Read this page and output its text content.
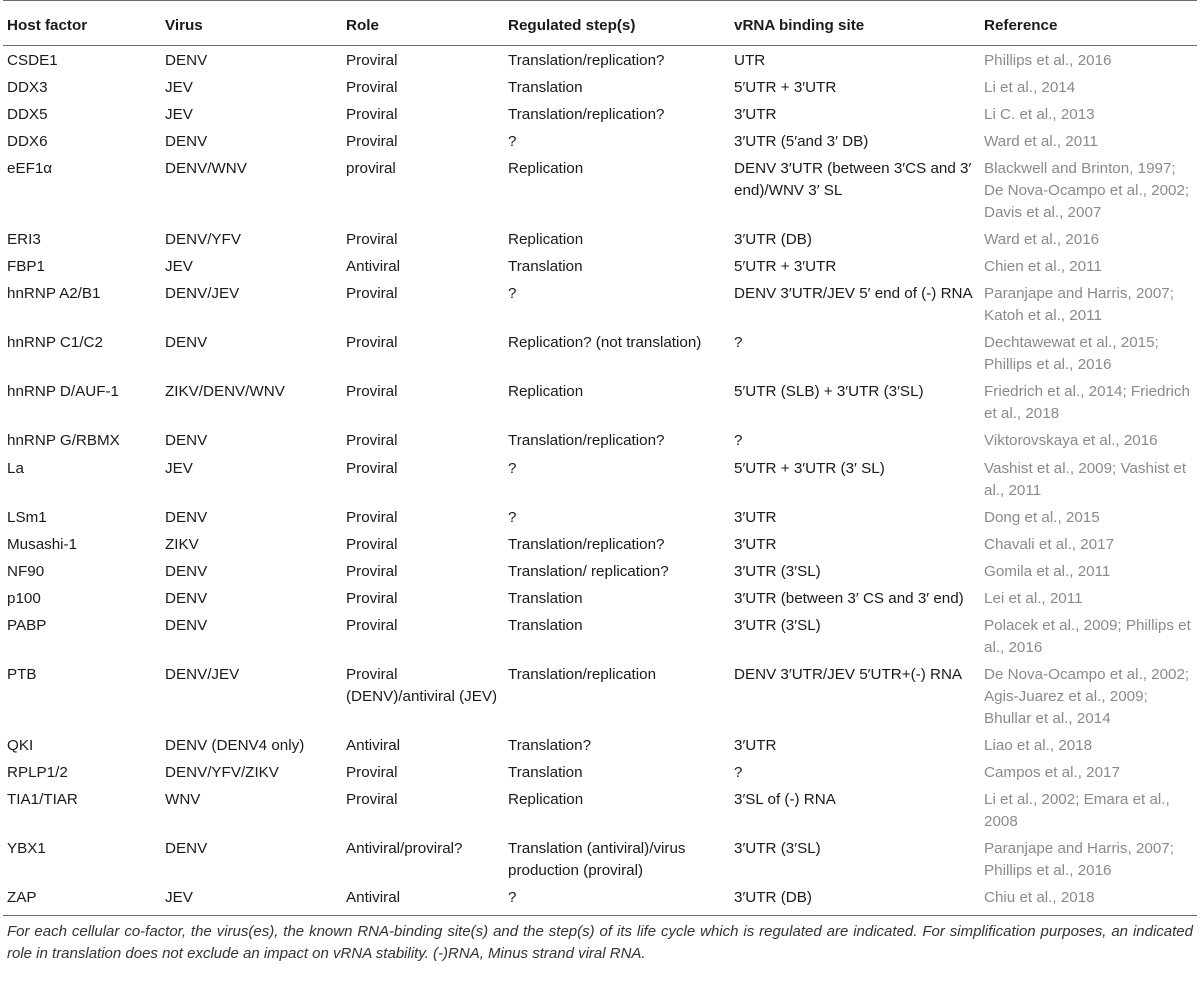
Host factor	Virus	Role	Regulated step(s)	vRNA binding site	Reference
CSDE1	DENV	Proviral	Translation/replication?	UTR	Phillips et al., 2016
DDX3	JEV	Proviral	Translation	5′UTR + 3′UTR	Li et al., 2014
DDX5	JEV	Proviral	Translation/replication?	3′UTR	Li C. et al., 2013
DDX6	DENV	Proviral	?	3′UTR (5′and 3′ DB)	Ward et al., 2011
eEF1α	DENV/WNV	proviral	Replication	DENV 3′UTR (between 3′CS and 3′ end)/WNV 3′ SL	Blackwell and Brinton, 1997; De Nova-Ocampo et al., 2002; Davis et al., 2007
ERI3	DENV/YFV	Proviral	Replication	3′UTR (DB)	Ward et al., 2016
FBP1	JEV	Antiviral	Translation	5′UTR + 3′UTR	Chien et al., 2011
hnRNP A2/B1	DENV/JEV	Proviral	?	DENV 3′UTR/JEV 5′ end of (-) RNA	Paranjape and Harris, 2007; Katoh et al., 2011
hnRNP C1/C2	DENV	Proviral	Replication? (not translation)	?	Dechtawewat et al., 2015; Phillips et al., 2016
hnRNP D/AUF-1	ZIKV/DENV/WNV	Proviral	Replication	5′UTR (SLB) + 3′UTR (3′SL)	Friedrich et al., 2014; Friedrich et al., 2018
hnRNP G/RBMX	DENV	Proviral	Translation/replication?	?	Viktorovskaya et al., 2016
La	JEV	Proviral	?	5′UTR + 3′UTR (3′ SL)	Vashist et al., 2009; Vashist et al., 2011
LSm1	DENV	Proviral	?	3′UTR	Dong et al., 2015
Musashi-1	ZIKV	Proviral	Translation/replication?	3′UTR	Chavali et al., 2017
NF90	DENV	Proviral	Translation/ replication?	3′UTR (3′SL)	Gomila et al., 2011
p100	DENV	Proviral	Translation	3′UTR (between 3′ CS and 3′ end)	Lei et al., 2011
PABP	DENV	Proviral	Translation	3′UTR (3′SL)	Polacek et al., 2009; Phillips et al., 2016
PTB	DENV/JEV	Proviral (DENV)/antiviral (JEV)	Translation/replication	DENV 3′UTR/JEV 5′UTR+(-) RNA	De Nova-Ocampo et al., 2002; Agis-Juarez et al., 2009; Bhullar et al., 2014
QKI	DENV (DENV4 only)	Antiviral	Translation?	3′UTR	Liao et al., 2018
RPLP1/2	DENV/YFV/ZIKV	Proviral	Translation	?	Campos et al., 2017
TIA1/TIAR	WNV	Proviral	Replication	3′SL of (-) RNA	Li et al., 2002; Emara et al., 2008
YBX1	DENV	Antiviral/proviral?	Translation (antiviral)/virus production (proviral)	3′UTR (3′SL)	Paranjape and Harris, 2007; Phillips et al., 2016
ZAP	JEV	Antiviral	?	3′UTR (DB)	Chiu et al., 2018
For each cellular co-factor, the virus(es), the known RNA-binding site(s) and the step(s) of its life cycle which is regulated are indicated. For simplification purposes, an indicated role in translation does not exclude an impact on vRNA stability. (-)RNA, Minus strand viral RNA.
